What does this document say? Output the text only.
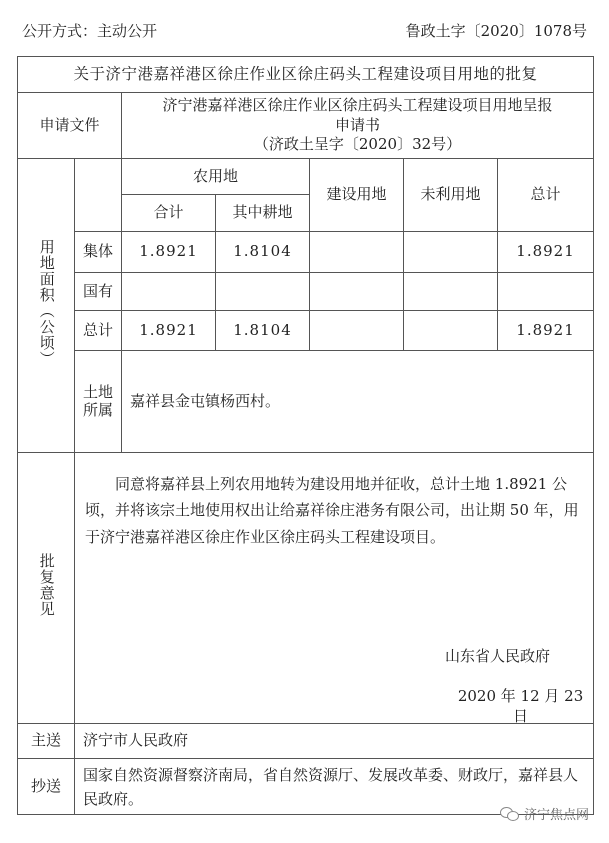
公开方式：主动公开	鲁政土字〔2020〕1078号
关于济宁港嘉祥港区徐庄作业区徐庄码头工程建设项目用地的批复						
申请文件		济宁港嘉祥港区徐庄作业区徐庄码头工程建设项目用地呈报
申请书
（济政土呈字〔2020〕32号）				

用地面积（公顷）		农用地		建设用地	未利用地	总计
		合计	其中耕地			
	集体	1.8921	1.8104			1.8921
	国有					
	总计	1.8921	1.8104			1.8921

	土地
所属	嘉祥县金屯镇杨西村。				
批复意见	同意将嘉祥县上列农用地转为建设用地并征收，总计土地 1.8921 公顷，并将该宗土地使用权出让给嘉祥徐庄港务有限公司，出让期 50 年，用于济宁港嘉祥港区徐庄作业区徐庄码头工程建设项目。
山东省人民政府
2020 年 12 月 23 日					

主送	济宁市人民政府					
抄送	国家自然资源督察济南局，省自然资源厅、发展改革委、财政厅，嘉祥县人民政府。					
济宁焦点网
